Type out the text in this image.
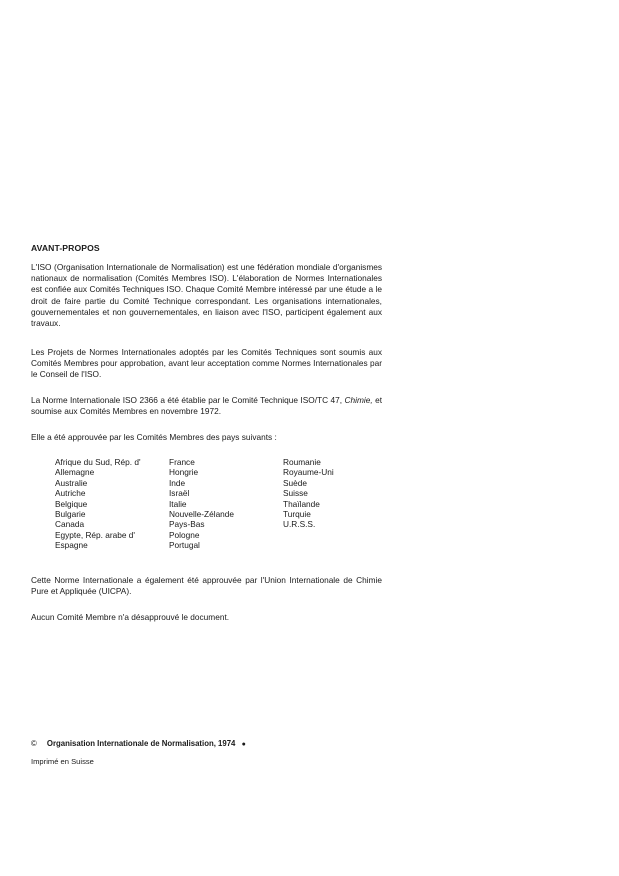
AVANT-PROPOS

L'ISO (Organisation Internationale de Normalisation) est une fédération mondiale d'organismes nationaux de normalisation (Comités Membres ISO). L'élaboration de Normes Internationales est confiée aux Comités Techniques ISO. Chaque Comité Membre intéressé par une étude a le droit de faire partie du Comité Technique correspondant. Les organisations internationales, gouvernementales et non gouvernementales, en liaison avec l'ISO, participent également aux travaux.

Les Projets de Normes Internationales adoptés par les Comités Techniques sont soumis aux Comités Membres pour approbation, avant leur acceptation comme Normes Internationales par le Conseil de l'ISO.

La Norme Internationale ISO 2366 a été établie par le Comité Technique ISO/TC 47, Chimie, et soumise aux Comités Membres en novembre 1972.

Elle a été approuvée par les Comités Membres des pays suivants :

Afrique du Sud, Rép. d'
Allemagne
Australie
Autriche
Belgique
Bulgarie
Canada
Egypte, Rép. arabe d'
Espagne
France
Hongrie
Inde
Israël
Italie
Nouvelle-Zélande
Pays-Bas
Pologne
Portugal
Roumanie
Royaume-Uni
Suède
Suisse
Thaïlande
Turquie
U.R.S.S.

Cette Norme Internationale a également été approuvée par l'Union Internationale de Chimie Pure et Appliquée (UICPA).

Aucun Comité Membre n'a désapprouvé le document.

© Organisation Internationale de Normalisation, 1974 ●
Imprimé en Suisse
